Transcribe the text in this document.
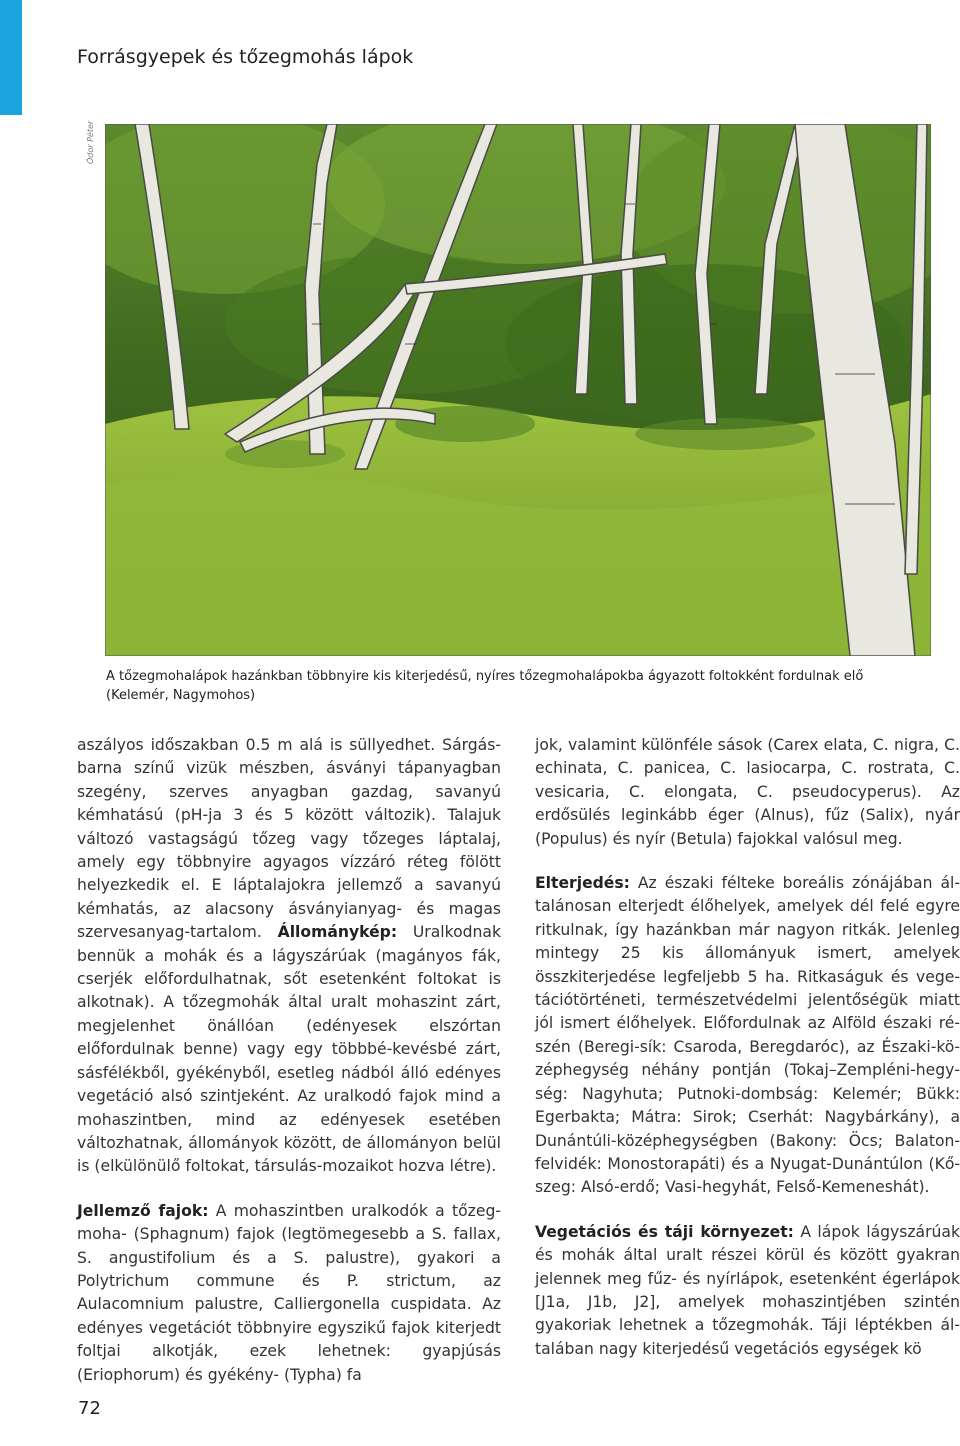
Forrásgyepek és tőzegmohás lápok
Ódor Péter
A tőzegmohalápok hazánkban többnyire kis kiterjedésű, nyíres tőzegmohalápokba ágyazott foltokként fordulnak elő (Kelemér, Nagymohos)

aszályos időszakban 0.5 m alá is süllyedhet. Sárgásbarna színű vizük mészben, ásványi tápanyagban szegény, szerves anyagban gazdag, savanyú kémhatású (pH-ja 3 és 5 között változik). Talajuk változó vastagságú tőzeg vagy tőzeges láptalaj, amely egy többnyire agyagos vízzáró réteg fölött helyezkedik el. E láptalajokra jellemző a savanyú kémhatás, az alacsony ásványianyag- és magas szervesanyag-tartalom. Állománykép: Uralkodnak bennük a mohák és a lágyszárúak (magányos fák, cserjék előfordulhatnak, sőt esetenként foltokat is alkotnak). A tőzegmohák által uralt mohaszint zárt, megjelenhet önállóan (edényesek elszórtan előfordulnak benne) vagy egy többbé-kevésbé zárt, sásfélékből, gyékényből, esetleg nádból álló edényes vegetáció alsó szintjeként. Az uralkodó fajok mind a mohaszintben, mind az edényesek esetében változhatnak, állományok között, de állományon belül is (elkülönülő foltokat, társulás-mozaikot hozva létre).

Jellemző fajok: A mohaszintben uralkodók a tőzegmoha- (Sphagnum) fajok (legtömegesebb a S. fallax, S. angustifolium és a S. palustre), gyakori a Polytrichum commune és P. strictum, az Aulacomnium palustre, Calliergonella cuspidata. Az edényes vegetációt többnyire egyszikű fajok kiterjedt foltjai alkotják, ezek lehetnek: gyapjúsás (Eriophorum) és gyékény- (Typha) fa

jok, valamint különféle sások (Carex elata, C. nigra, C. echinata, C. panicea, C. lasiocarpa, C. rostrata, C. vesicaria, C. elongata, C. pseudocyperus). Az erdősülés leginkább éger (Alnus), fűz (Salix), nyár (Populus) és nyír (Betula) fajokkal valósul meg.

Elterjedés: Az északi félteke boreális zónájában általánosan elterjedt élőhelyek, amelyek dél felé egyre ritkulnak, így hazánkban már nagyon ritkák. Jelenleg mintegy 25 kis állományuk ismert, amelyek összkiterjedése legfeljebb 5 ha. Ritkaságuk és vegetációtörténeti, természetvédelmi jelentőségük miatt jól ismert élőhelyek. Előfordulnak az Alföld északi részén (Beregi-sík: Csaroda, Beregdaróc), az Északi-középhegység néhány pontján (Tokaj–Zempléni-hegység: Nagyhuta; Putnoki-dombság: Kelemér; Bükk: Egerbakta; Mátra: Sirok; Cserhát: Nagybárkány), a Dunántúli-középhegységben (Bakony: Öcs; Balaton-felvidék: Monostorapáti) és a Nyugat-Dunántúlon (Kőszeg: Alsó-erdő; Vasi-hegyhát, Felső-Kemeneshát).

Vegetációs és táji környezet: A lápok lágyszárúak és mohák által uralt részei körül és között gyakran jelennek meg fűz- és nyírlápok, esetenként égerlápok [J1a, J1b, J2], amelyek mohaszintjében szintén gyakoriak lehetnek a tőzegmohák. Táji léptékben általában nagy kiterjedésű vegetációs egységek kö

72
